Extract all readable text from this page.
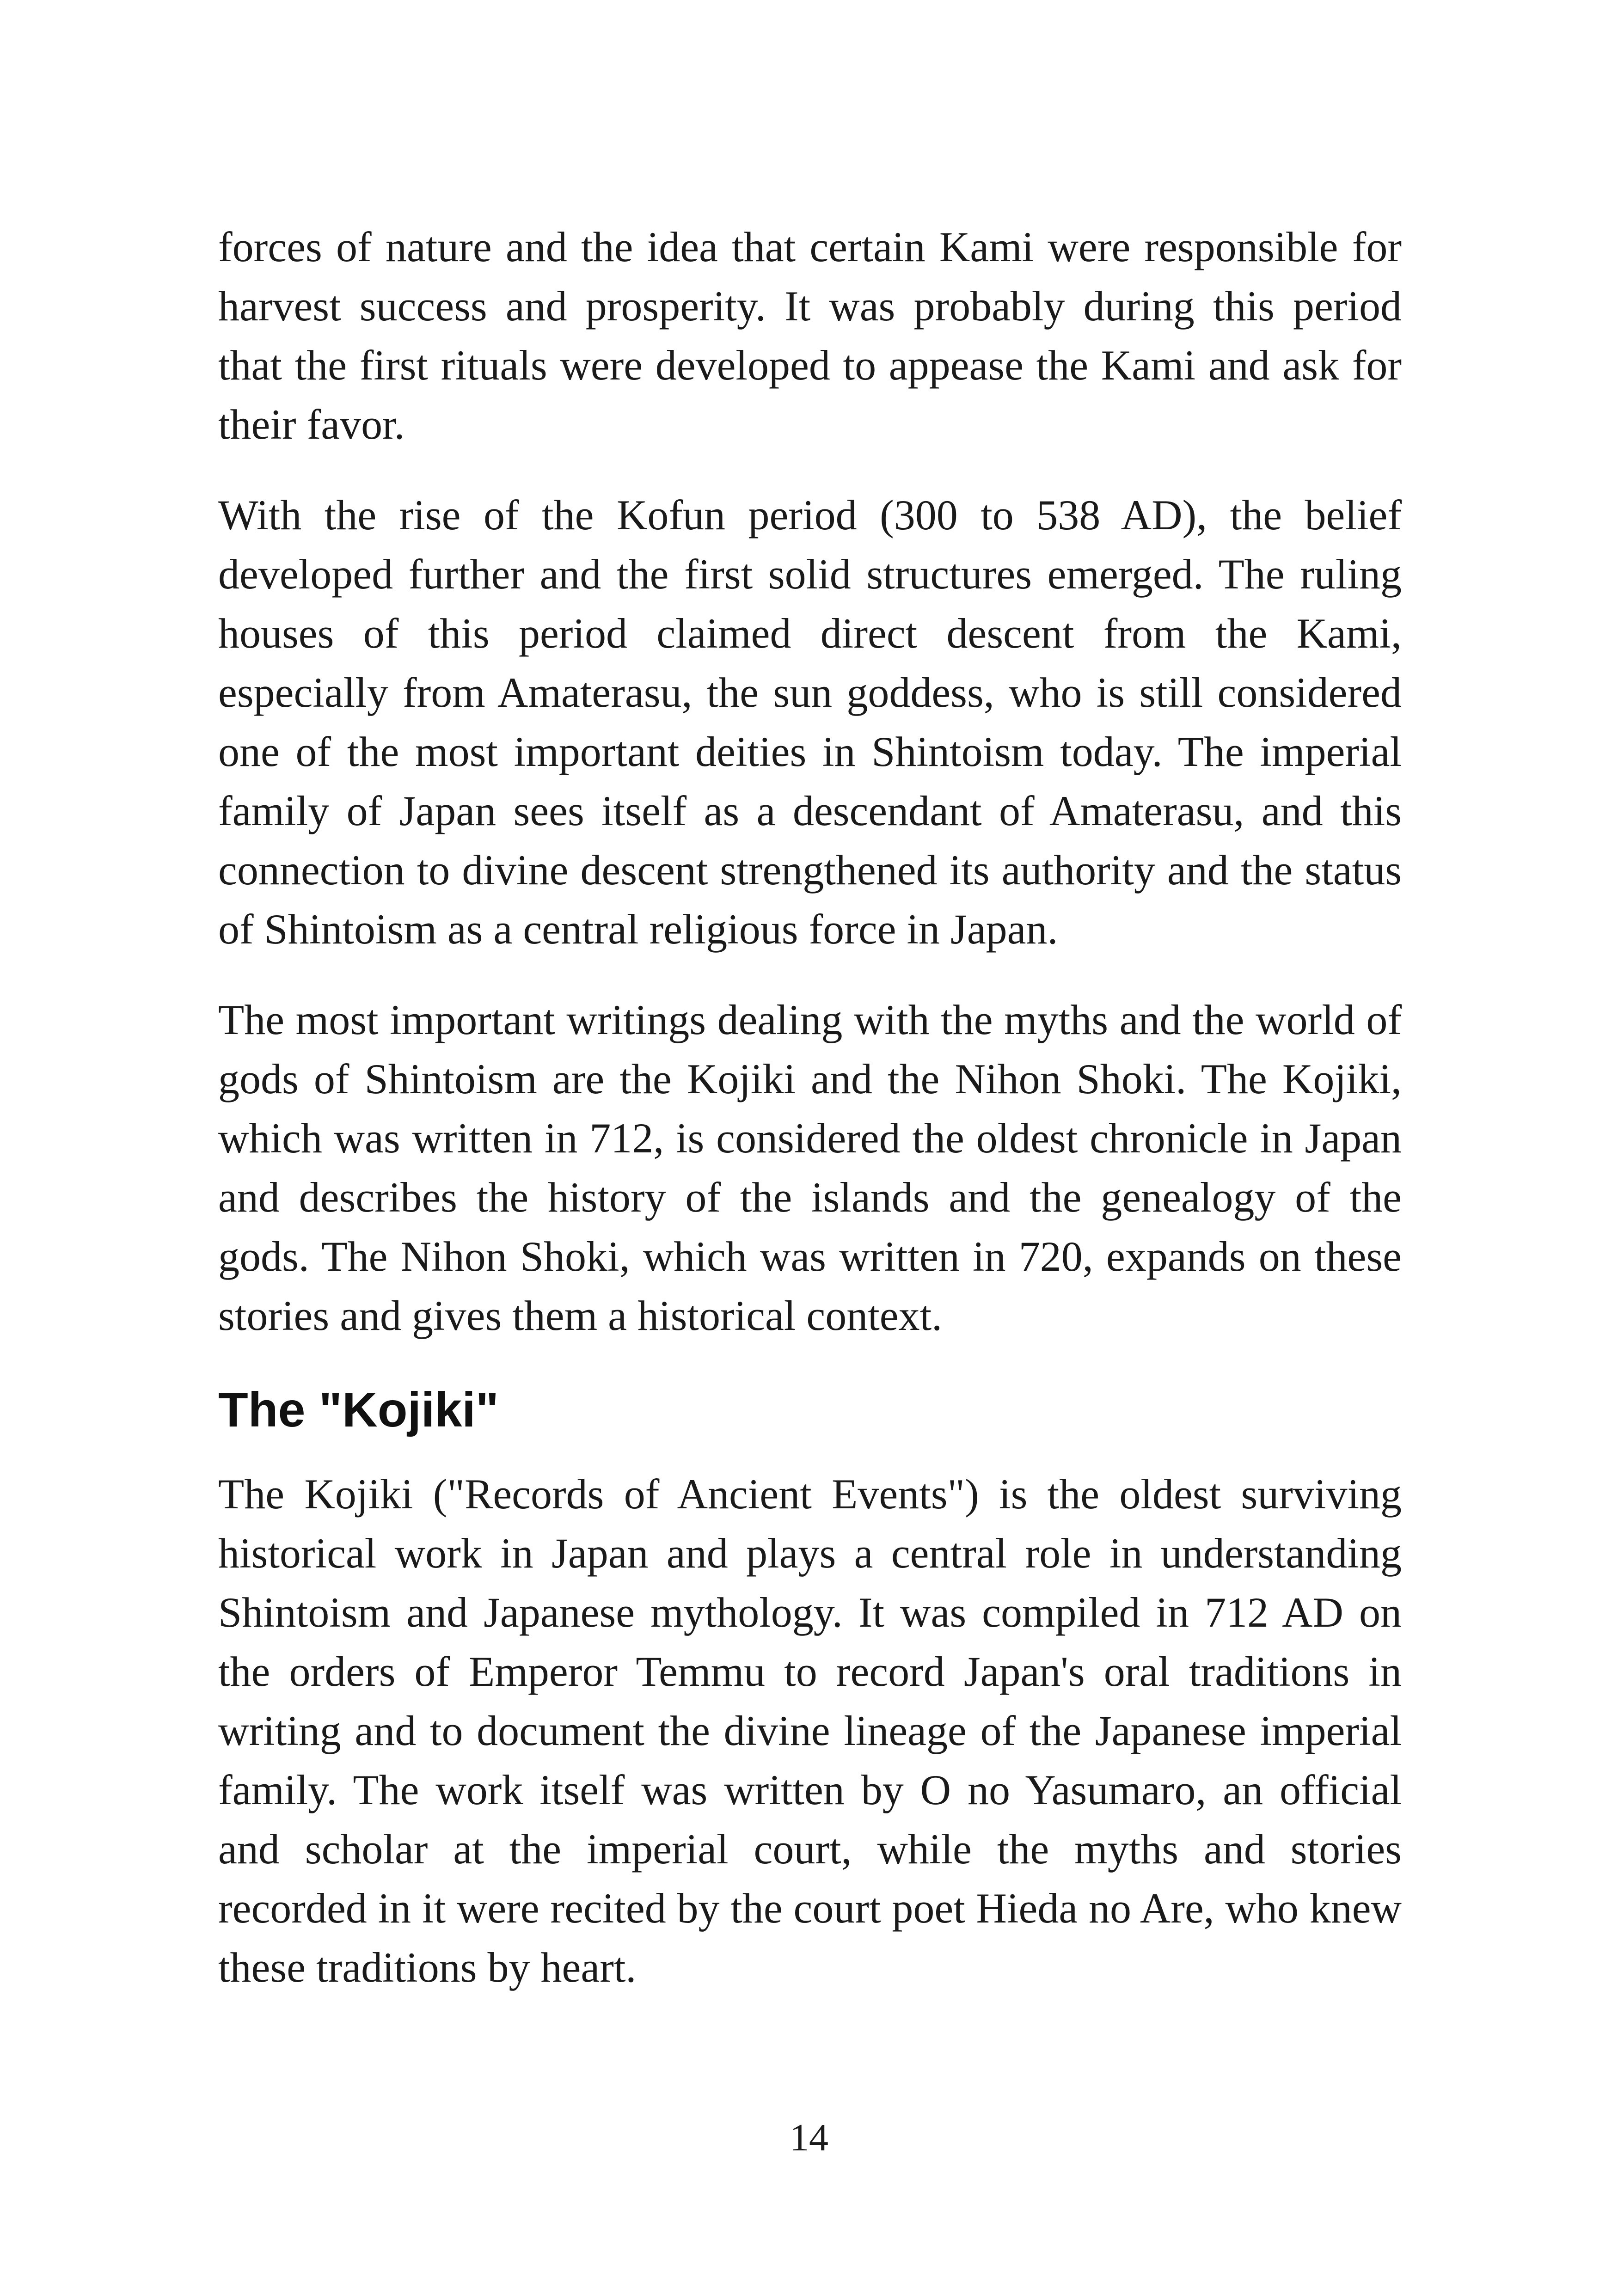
forces of nature and the idea that certain Kami were responsible for harvest success and prosperity. It was probably during this period that the first rituals were developed to appease the Kami and ask for their favor.

With the rise of the Kofun period (300 to 538 AD), the belief developed further and the first solid structures emerged. The ruling houses of this period claimed direct descent from the Kami, especially from Amaterasu, the sun goddess, who is still considered one of the most important deities in Shintoism today. The imperial family of Japan sees itself as a descendant of Amaterasu, and this connection to divine descent strengthened its authority and the status of Shintoism as a central religious force in Japan.

The most important writings dealing with the myths and the world of gods of Shintoism are the Kojiki and the Nihon Shoki. The Kojiki, which was written in 712, is considered the oldest chronicle in Japan and describes the history of the islands and the genealogy of the gods. The Nihon Shoki, which was written in 720, expands on these stories and gives them a historical context.

The "Kojiki"

The Kojiki ("Records of Ancient Events") is the oldest surviving historical work in Japan and plays a central role in understanding Shintoism and Japanese mythology. It was compiled in 712 AD on the orders of Emperor Temmu to record Japan's oral traditions in writing and to document the divine lineage of the Japanese imperial family. The work itself was written by O no Yasumaro, an official and scholar at the imperial court, while the myths and stories recorded in it were recited by the court poet Hieda no Are, who knew these traditions by heart.

14
